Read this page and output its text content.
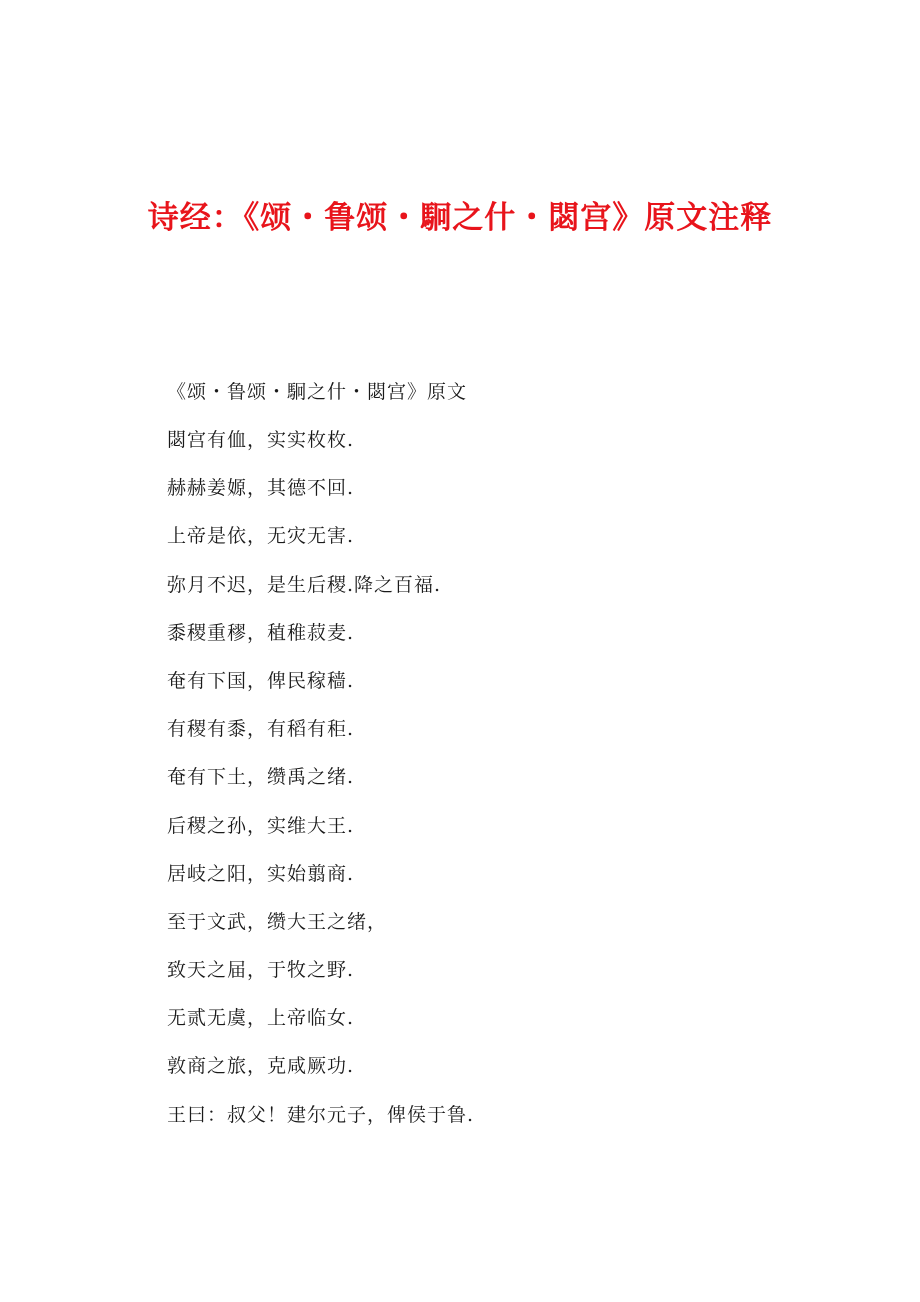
诗经：《颂・鲁颂・駉之什・閟宫》原文注释

《颂・鲁颂・駉之什・閟宫》原文

閟宫有侐，实实枚枚.
赫赫姜嫄，其德不回.
上帝是依，无灾无害.
弥月不迟，是生后稷.降之百福.
黍稷重穋，稙稚菽麦.
奄有下国，俾民稼穑.
有稷有黍，有稻有秬.
奄有下土，缵禹之绪.
后稷之孙，实维大王.
居岐之阳，实始翦商.
至于文武，缵大王之绪，
致天之届，于牧之野.
无贰无虞，上帝临女.
敦商之旅，克咸厥功.
王曰：叔父！建尔元子，俾侯于鲁.
